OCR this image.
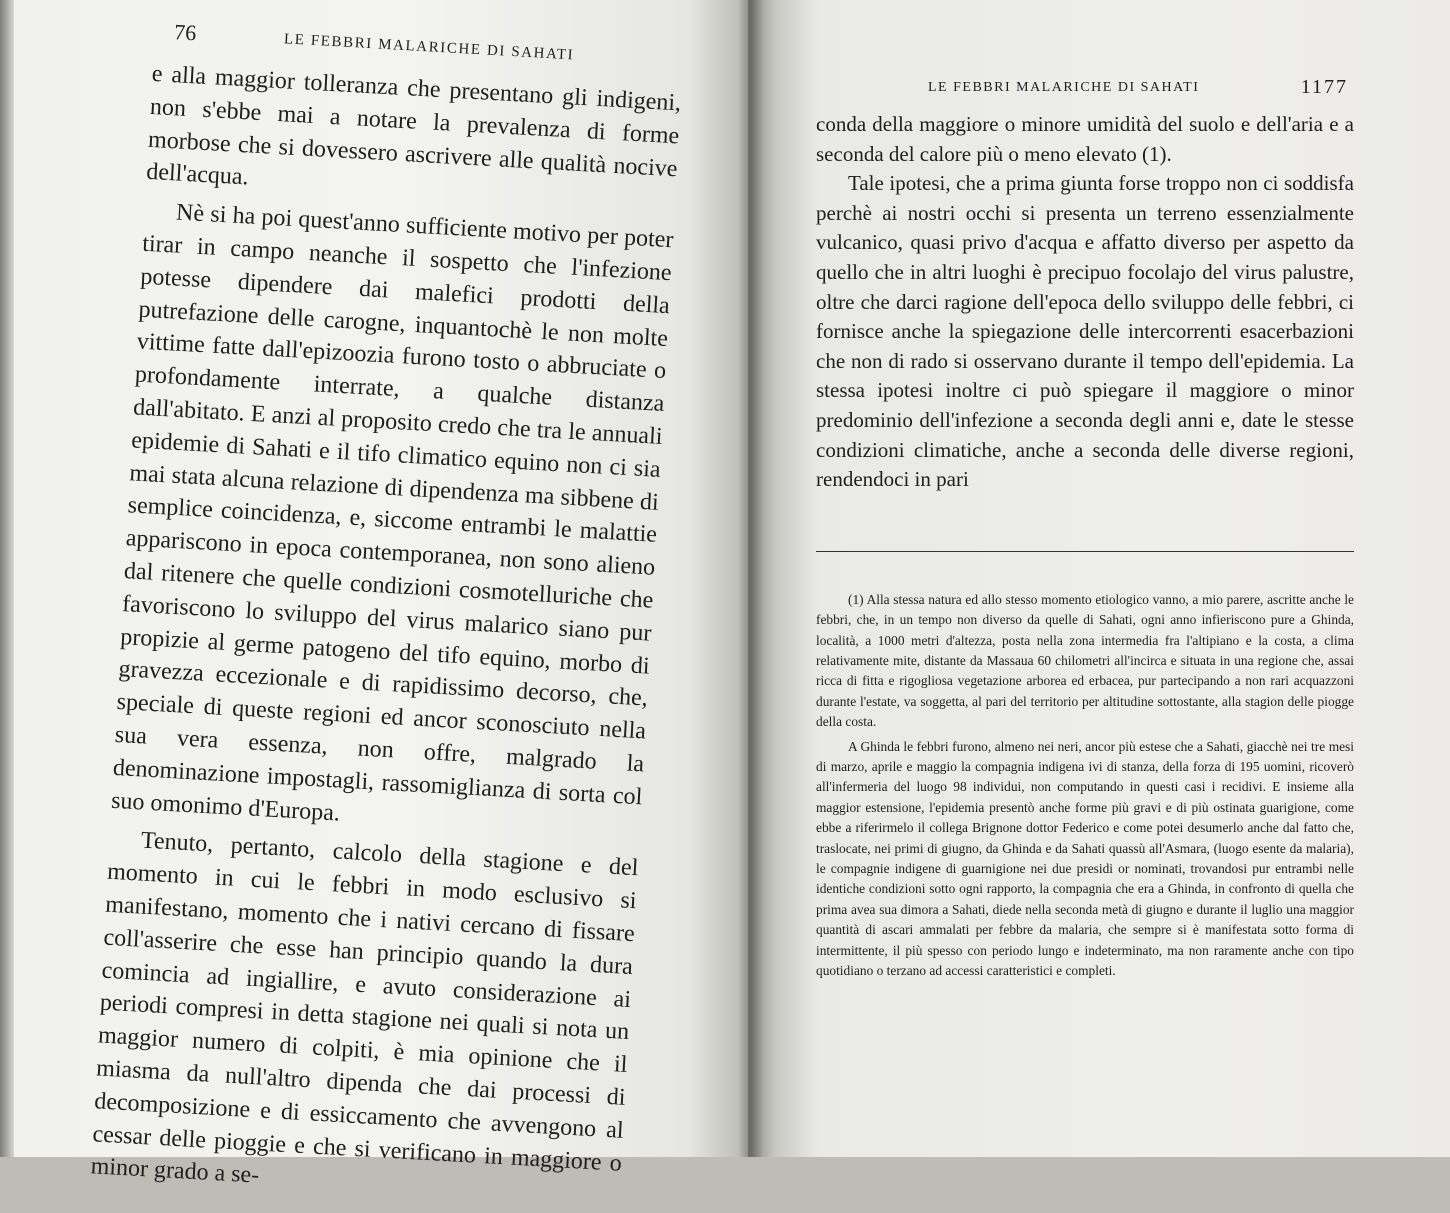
76	LE FEBBRI MALARICHE DI SAHATI

e alla maggior tolleranza che presentano gli indigeni, non s'ebbe mai a notare la prevalenza di forme morbose che si dovessero ascrivere alle qualità nocive dell'acqua.

Nè si ha poi quest'anno sufficiente motivo per poter tirar in campo neanche il sospetto che l'infezione potesse dipendere dai malefici prodotti della putrefazione delle carogne, inquantochè le non molte vittime fatte dall'epizoozia furono tosto o abbruciate o profondamente interrate, a qualche distanza dall'abitato. E anzi al proposito credo che tra le annuali epidemie di Sahati e il tifo climatico equino non ci sia mai stata alcuna relazione di dipendenza ma sibbene di semplice coincidenza, e, siccome entrambi le malattie appariscono in epoca contemporanea, non sono alieno dal ritenere che quelle condizioni cosmotelluriche che favoriscono lo sviluppo del virus malarico siano pur propizie al germe patogeno del tifo equino, morbo di gravezza eccezionale e di rapidissimo decorso, che, speciale di queste regioni ed ancor sconosciuto nella sua vera essenza, non offre, malgrado la denominazione impostagli, rassomiglianza di sorta col suo omonimo d'Europa.

Tenuto, pertanto, calcolo della stagione e del momento in cui le febbri in modo esclusivo si manifestano, momento che i nativi cercano di fissare coll'asserire che esse han principio quando la dura comincia ad ingiallire, e avuto considerazione ai periodi compresi in detta stagione nei quali si nota un maggior numero di colpiti, è mia opinione che il miasma da null'altro dipenda che dai processi di decomposizione e di essiccamento che avvengono al cessar delle pioggie e che si verificano in maggiore o minor grado a se-

LE FEBBRI MALARICHE DI SAHATI	1177

conda della maggiore o minore umidità del suolo e dell'aria e a seconda del calore più o meno elevato (1).

Tale ipotesi, che a prima giunta forse troppo non ci soddisfa perchè ai nostri occhi si presenta un terreno essenzialmente vulcanico, quasi privo d'acqua e affatto diverso per aspetto da quello che in altri luoghi è precipuo focolajo del virus palustre, oltre che darci ragione dell'epoca dello sviluppo delle febbri, ci fornisce anche la spiegazione delle intercorrenti esacerbazioni che non di rado si osservano durante il tempo dell'epidemia. La stessa ipotesi inoltre ci può spiegare il maggiore o minor predominio dell'infezione a seconda degli anni e, date le stesse condizioni climatiche, anche a seconda delle diverse regioni, rendendoci in pari

(1) Alla stessa natura ed allo stesso momento etiologico vanno, a mio parere, ascritte anche le febbri, che, in un tempo non diverso da quelle di Sahati, ogni anno infieriscono pure a Ghinda, località, a 1000 metri d'altezza, posta nella zona intermedia fra l'altipiano e la costa, a clima relativamente mite, distante da Massaua 60 chilometri all'incirca e situata in una regione che, assai ricca di fitta e rigogliosa vegetazione arborea ed erbacea, pur partecipando a non rari acquazzoni durante l'estate, va soggetta, al pari del territorio per altitudine sottostante, alla stagion delle piogge della costa.

A Ghinda le febbri furono, almeno nei neri, ancor più estese che a Sahati, giacchè nei tre mesi di marzo, aprile e maggio la compagnia indigena ivi di stanza, della forza di 195 uomini, ricoverò all'infermeria del luogo 98 individui, non computando in questi casi i recidivi. E insieme alla maggior estensione, l'epidemia presentò anche forme più gravi e di più ostinata guarigione, come ebbe a riferirmelo il collega Brignone dottor Federico e come potei desumerlo anche dal fatto che, traslocate, nei primi di giugno, da Ghinda e da Sahati quassù all'Asmara, (luogo esente da malaria), le compagnie indigene di guarnigione nei due presidi or nominati, trovandosi pur entrambi nelle identiche condizioni sotto ogni rapporto, la compagnia che era a Ghinda, in confronto di quella che prima avea sua dimora a Sahati, diede nella seconda metà di giugno e durante il luglio una maggior quantità di ascari ammalati per febbre da malaria, che sempre si è manifestata sotto forma di intermittente, il più spesso con periodo lungo e indeterminato, ma non raramente anche con tipo quotidiano o terzano ad accessi caratteristici e completi.
